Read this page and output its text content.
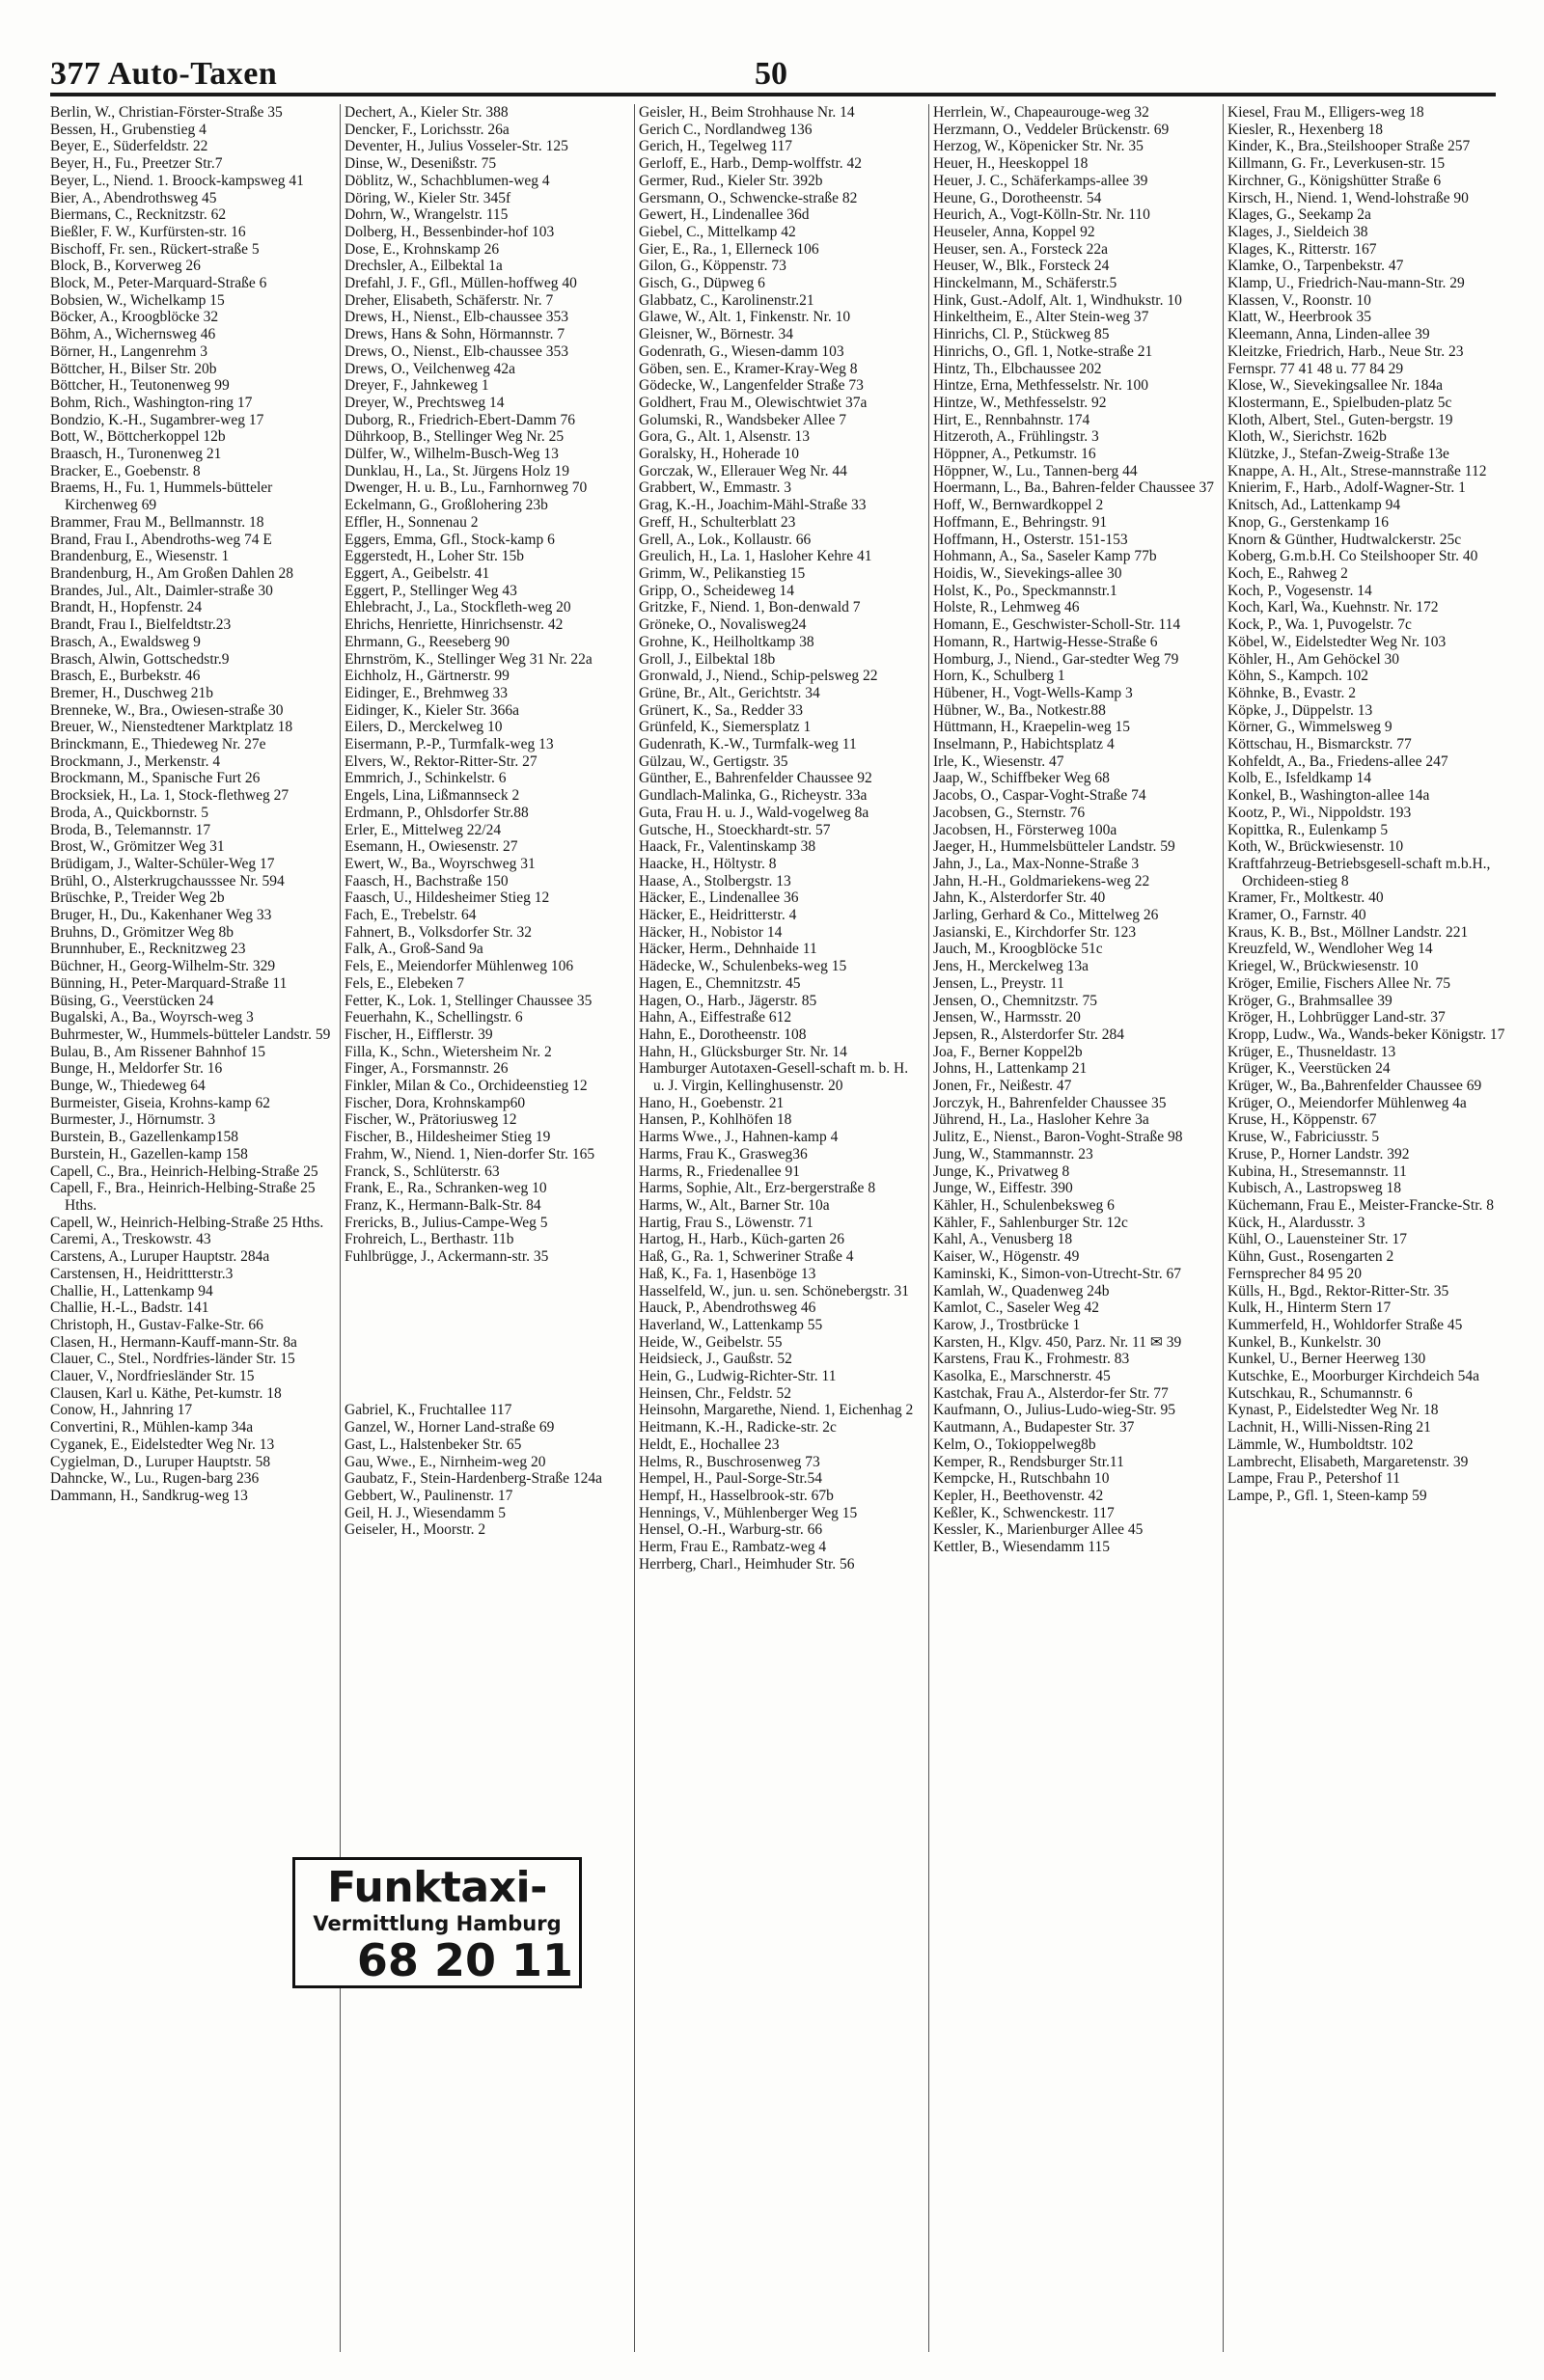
377 Auto-Taxen	50
Berlin, W., Christian-Förster-Straße 35
Bessen, H., Grubenstieg 4
Beyer, E., Süderfeldstr. 22
Beyer, H., Fu., Preetzer Str.7
Beyer, L., Niend. 1. Broock-kampsweg 41
Bier, A., Abendrothsweg 45
Biermans, C., Recknitzstr. 62
Bießler, F. W., Kurfürsten-str. 16
Bischoff, Fr. sen., Rückert-straße 5
Block, B., Korverweg 26
Block, M., Peter-Marquard-Straße 6
Bobsien, W., Wichelkamp 15
Böcker, A., Kroogblöcke 32
Böhm, A., Wichernsweg 46
Börner, H., Langenrehm 3
Böttcher, H., Bilser Str. 20b
Böttcher, H., Teutonenweg 99
Bohm, Rich., Washington-ring 17
Bondzio, K.-H., Sugambrer-weg 17
Bott, W., Böttcherkoppel 12b
Braasch, H., Turonenweg 21
Bracker, E., Goebenstr. 8
Braems, H., Fu. 1, Hummels-bütteler Kirchenweg 69
Brammer, Frau M., Bellmannstr. 18
Brand, Frau I., Abendroths-weg 74 E
Brandenburg, E., Wiesenstr. 1
Brandenburg, H., Am Großen Dahlen 28
Brandes, Jul., Alt., Daimler-straße 30
Brandt, H., Hopfenstr. 24
Brandt, Frau I., Bielfeldtstr.23
Brasch, A., Ewaldsweg 9
Brasch, Alwin, Gottschedstr.9
Brasch, E., Burbekstr. 46
Bremer, H., Duschweg 21b
Brenneke, W., Bra., Owiesen-straße 30
Breuer, W., Nienstedtener Marktplatz 18
Brinckmann, E., Thiedeweg Nr. 27e
Brockmann, J., Merkenstr. 4
Brockmann, M., Spanische Furt 26
Brocksiek, H., La. 1, Stock-flethweg 27
Broda, A., Quickbornstr. 5
Broda, B., Telemannstr. 17
Brost, W., Grömitzer Weg 31
Brüdigam, J., Walter-Schüler-Weg 17
Brühl, O., Alsterkrugchausssee Nr. 594
Brüschke, P., Treider Weg 2b
Bruger, H., Du., Kakenhaner Weg 33
Bruhns, D., Grömitzer Weg 8b
Brunnhuber, E., Recknitzweg 23
Büchner, H., Georg-Wilhelm-Str. 329
Bünning, H., Peter-Marquard-Straße 11
Büsing, G., Veerstücken 24
Bugalski, A., Ba., Woyrsch-weg 3
Buhrmester, W., Hummels-bütteler Landstr. 59
Bulau, B., Am Rissener Bahnhof 15
Bunge, H., Meldorfer Str. 16
Bunge, W., Thiedeweg 64
Burmeister, Giseia, Krohns-kamp 62
Burmester, J., Hörnumstr. 3
Burstein, B., Gazellenkamp158
Burstein, H., Gazellen-kamp 158
Capell, C., Bra., Heinrich-Helbing-Straße 25
Capell, F., Bra., Heinrich-Helbing-Straße 25 Hths.
Capell, W., Heinrich-Helbing-Straße 25 Hths.
Caremi, A., Treskowstr. 43
Carstens, A., Luruper Hauptstr. 284a
Carstensen, H., Heidrittterstr.3
Challie, H., Lattenkamp 94
Challie, H.-L., Badstr. 141
Christoph, H., Gustav-Falke-Str. 66
Clasen, H., Hermann-Kauff-mann-Str. 8a
Clauer, C., Stel., Nordfries-länder Str. 15
Clauer, V., Nordfriesländer Str. 15
Clausen, Karl u. Käthe, Pet-kumstr. 18
Conow, H., Jahnring 17
Convertini, R., Mühlen-kamp 34a
Cyganek, E., Eidelstedter Weg Nr. 13
Cygielman, D., Luruper Hauptstr. 58
Dahncke, W., Lu., Rugen-barg 236
Dammann, H., Sandkrug-weg 13
Dechert, A., Kieler Str. 388
Dencker, F., Lorichsstr. 26a
Deventer, H., Julius Vosseler-Str. 125
Dinse, W., Desenißstr. 75
Döblitz, W., Schachblumen-weg 4
Döring, W., Kieler Str. 345f
Dohrn, W., Wrangelstr. 115
Dolberg, H., Bessenbinder-hof 103
Dose, E., Krohnskamp 26
Drechsler, A., Eilbektal 1a
Drefahl, J. F., Gfl., Müllen-hoffweg 40
Dreher, Elisabeth, Schäferstr. Nr. 7
Drews, H., Nienst., Elb-chaussee 353
Drews, Hans & Sohn, Hörmannstr. 7
Drews, O., Nienst., Elb-chaussee 353
Drews, O., Veilchenweg 42a
Dreyer, F., Jahnkeweg 1
Dreyer, W., Prechtsweg 14
Duborg, R., Friedrich-Ebert-Damm 76
Dührkoop, B., Stellinger Weg Nr. 25
Dülfer, W., Wilhelm-Busch-Weg 13
Dunklau, H., La., St. Jürgens Holz 19
Dwenger, H. u. B., Lu., Farnhornweg 70
Eckelmann, G., Großlohering 23b
Effler, H., Sonnenau 2
Eggers, Emma, Gfl., Stock-kamp 6
Eggerstedt, H., Loher Str. 15b
Eggert, A., Geibelstr. 41
Eggert, P., Stellinger Weg 43
Ehlebracht, J., La., Stockfleth-weg 20
Ehrichs, Henriette, Hinrichsenstr. 42
Ehrmann, G., Reeseberg 90
Ehrnström, K., Stellinger Weg 31 Nr. 22a
Eichholz, H., Gärtnerstr. 99
Eidinger, E., Brehmweg 33
Eidinger, K., Kieler Str. 366a
Eilers, D., Merckelweg 10
Eisermann, P.-P., Turmfalk-weg 13
Elvers, W., Rektor-Ritter-Str. 27
Emmrich, J., Schinkelstr. 6
Engels, Lina, Lißmannseck 2
Erdmann, P., Ohlsdorfer Str.88
Erler, E., Mittelweg 22/24
Esemann, H., Owiesenstr. 27
Ewert, W., Ba., Woyrschweg 31
Faasch, H., Bachstraße 150
Faasch, U., Hildesheimer Stieg 12
Fach, E., Trebelstr. 64
Fahnert, B., Volksdorfer Str. 32
Falk, A., Groß-Sand 9a
Fels, E., Meiendorfer Mühlenweg 106
Fels, E., Elebeken 7
Fetter, K., Lok. 1, Stellinger Chaussee 35
Feuerhahn, K., Schellingstr. 6
Fischer, H., Eifflerstr. 39
Filla, K., Schn., Wietersheim Nr. 2
Finger, A., Forsmannstr. 26
Finkler, Milan & Co., Orchideenstieg 12
Fischer, Dora, Krohnskamp60
Fischer, W., Prätoriusweg 12
Fischer, B., Hildesheimer Stieg 19
Frahm, W., Niend. 1, Nien-dorfer Str. 165
Franck, S., Schlüterstr. 63
Frank, E., Ra., Schranken-weg 10
Franz, K., Hermann-Balk-Str. 84
Frericks, B., Julius-Campe-Weg 5
Frohreich, L., Berthastr. 11b
Fuhlbrügge, J., Ackermann-str. 35

Gabriel, K., Fruchtallee 117
Ganzel, W., Horner Land-straße 69
Gast, L., Halstenbeker Str. 65
Gau, Wwe., E., Nirnheim-weg 20
Gaubatz, F., Stein-Hardenberg-Straße 124a
Gebbert, W., Paulinenstr. 17
Geil, H. J., Wiesendamm 5
Geiseler, H., Moorstr. 2
Geisler, H., Beim Strohhause Nr. 14
Gerich C., Nordlandweg 136
Gerich, H., Tegelweg 117
Gerloff, E., Harb., Demp-wolffstr. 42
Germer, Rud., Kieler Str. 392b
Gersmann, O., Schwencke-straße 82
Gewert, H., Lindenallee 36d
Giebel, C., Mittelkamp 42
Gier, E., Ra., 1, Ellerneck 106
Gilon, G., Köppenstr. 73
Gisch, G., Düpweg 6
Glabbatz, C., Karolinenstr.21
Glawe, W., Alt. 1, Finkenstr. Nr. 10
Gleisner, W., Börnestr. 34
Godenrath, G., Wiesen-damm 103
Göben, sen. E., Kramer-Kray-Weg 8
Gödecke, W., Langenfelder Straße 73
Goldhert, Frau M., Olewischtwiet 37a
Golumski, R., Wandsbeker Allee 7
Gora, G., Alt. 1, Alsenstr. 13
Goralsky, H., Hoherade 10
Gorczak, W., Ellerauer Weg Nr. 44
Grabbert, W., Emmastr. 3
Grag, K.-H., Joachim-Mähl-Straße 33
Greff, H., Schulterblatt 23
Grell, A., Lok., Kollaustr. 66
Greulich, H., La. 1, Hasloher Kehre 41
Grimm, W., Pelikanstieg 15
Gripp, O., Scheideweg 14
Gritzke, F., Niend. 1, Bon-denwald 7
Gröneke, O., Novalisweg24
Grohne, K., Heilholtkamp 38
Groll, J., Eilbektal 18b
Gronwald, J., Niend., Schip-pelsweg 22
Grüne, Br., Alt., Gerichtstr. 34
Grünert, K., Sa., Redder 33
Grünfeld, K., Siemersplatz 1
Gudenrath, K.-W., Turmfalk-weg 11
Gülzau, W., Gertigstr. 35
Günther, E., Bahrenfelder Chaussee 92
Gundlach-Malinka, G., Richeystr. 33a
Guta, Frau H. u. J., Wald-vogelweg 8a
Gutsche, H., Stoeckhardt-str. 57
Haack, Fr., Valentinskamp 38
Haacke, H., Höltystr. 8
Haase, A., Stolbergstr. 13
Häcker, E., Lindenallee 36
Häcker, E., Heidritterstr. 4
Häcker, H., Nobistor 14
Häcker, Herm., Dehnhaide 11
Hädecke, W., Schulenbeks-weg 15
Hagen, E., Chemnitzstr. 45
Hagen, O., Harb., Jägerstr. 85
Hahn, A., Eiffestraße 612
Hahn, E., Dorotheenstr. 108
Hahn, H., Glücksburger Str. Nr. 14
Hamburger Autotaxen-Gesell-schaft m. b. H. u. J. Virgin, Kellinghusenstr. 20
Hano, H., Goebenstr. 21
Hansen, P., Kohlhöfen 18
Harms Wwe., J., Hahnen-kamp 4
Harms, Frau K., Grasweg36
Harms, R., Friedenallee 91
Harms, Sophie, Alt., Erz-bergerstraße 8
Harms, W., Alt., Barner Str. 10a
Hartig, Frau S., Löwenstr. 71
Hartog, H., Harb., Küch-garten 26
Haß, G., Ra. 1, Schweriner Straße 4
Haß, K., Fa. 1, Hasenböge 13
Hasselfeld, W., jun. u. sen. Schönebergstr. 31
Hauck, P., Abendrothsweg 46
Haverland, W., Lattenkamp 55
Heide, W., Geibelstr. 55
Heidsieck, J., Gaußstr. 52
Hein, G., Ludwig-Richter-Str. 11
Heinsen, Chr., Feldstr. 52
Heinsohn, Margarethe, Niend. 1, Eichenhag 2
Heitmann, K.-H., Radicke-str. 2c
Heldt, E., Hochallee 23
Helms, R., Buschrosenweg 73
Hempel, H., Paul-Sorge-Str.54
Hempf, H., Hasselbrook-str. 67b
Hennings, V., Mühlenberger Weg 15
Hensel, O.-H., Warburg-str. 66
Herm, Frau E., Rambatz-weg 4
Herrberg, Charl., Heimhuder Str. 56
Herrlein, W., Chapeaurouge-weg 32
Herzmann, O., Veddeler Brückenstr. 69
Herzog, W., Köpenicker Str. Nr. 35
Heuer, H., Heeskoppel 18
Heuer, J. C., Schäferkamps-allee 39
Heune, G., Dorotheenstr. 54
Heurich, A., Vogt-Kölln-Str. Nr. 110
Heuseler, Anna, Koppel 92
Heuser, sen. A., Forsteck 22a
Heuser, W., Blk., Forsteck 24
Hinckelmann, M., Schäferstr.5
Hink, Gust.-Adolf, Alt. 1, Windhukstr. 10
Hinkeltheim, E., Alter Stein-weg 37
Hinrichs, Cl. P., Stückweg 85
Hinrichs, O., Gfl. 1, Notke-straße 21
Hintz, Th., Elbchaussee 202
Hintze, Erna, Methfesselstr. Nr. 100
Hintze, W., Methfesselstr. 92
Hirt, E., Rennbahnstr. 174
Hitzeroth, A., Frühlingstr. 3
Höppner, A., Petkumstr. 16
Höppner, W., Lu., Tannen-berg 44
Hoermann, L., Ba., Bahren-felder Chaussee 37
Hoff, W., Bernwardkoppel 2
Hoffmann, E., Behringstr. 91
Hoffmann, H., Osterstr. 151-153
Hohmann, A., Sa., Saseler Kamp 77b
Hoidis, W., Sievekings-allee 30
Holst, K., Po., Speckmannstr.1
Holste, R., Lehmweg 46
Homann, E., Geschwister-Scholl-Str. 114
Homann, R., Hartwig-Hesse-Straße 6
Homburg, J., Niend., Gar-stedter Weg 79
Horn, K., Schulberg 1
Hübener, H., Vogt-Wells-Kamp 3
Hübner, W., Ba., Notkestr.88
Hüttmann, H., Kraepelin-weg 15
Inselmann, P., Habichtsplatz 4
Irle, K., Wiesenstr. 47
Jaap, W., Schiffbeker Weg 68
Jacobs, O., Caspar-Voght-Straße 74
Jacobsen, G., Sternstr. 76
Jacobsen, H., Försterweg 100a
Jaeger, H., Hummelsbütteler Landstr. 59
Jahn, J., La., Max-Nonne-Straße 3
Jahn, H.-H., Goldmariekens-weg 22
Jahn, K., Alsterdorfer Str. 40
Jarling, Gerhard & Co., Mittelweg 26
Jasianski, E., Kirchdorfer Str. 123
Jauch, M., Kroogblöcke 51c
Jens, H., Merckelweg 13a
Jensen, L., Preystr. 11
Jensen, O., Chemnitzstr. 75
Jensen, W., Harmsstr. 20
Jepsen, R., Alsterdorfer Str. 284
Joa, F., Berner Koppel2b
Johns, H., Lattenkamp 21
Jonen, Fr., Neißestr. 47
Jorczyk, H., Bahrenfelder Chaussee 35
Jührend, H., La., Hasloher Kehre 3a
Julitz, E., Nienst., Baron-Voght-Straße 98
Jung, W., Stammannstr. 23
Junge, K., Privatweg 8
Junge, W., Eiffestr. 390
Kähler, H., Schulenbeksweg 6
Kähler, F., Sahlenburger Str. 12c
Kahl, A., Venusberg 18
Kaiser, W., Högenstr. 49
Kaminski, K., Simon-von-Utrecht-Str. 67
Kamlah, W., Quadenweg 24b
Kamlot, C., Saseler Weg 42
Karow, J., Trostbrücke 1
Karsten, H., Klgv. 450, Parz. Nr. 11 ✉ 39
Karstens, Frau K., Frohmestr. 83
Kasolka, E., Marschnerstr. 45
Kastchak, Frau A., Alsterdor-fer Str. 77
Kaufmann, O., Julius-Ludo-wieg-Str. 95
Kautmann, A., Budapester Str. 37
Kelm, O., Tokioppelweg8b
Kemper, R., Rendsburger Str.11
Kempcke, H., Rutschbahn 10
Kepler, H., Beethovenstr. 42
Keßler, K., Schwenckestr. 117
Kessler, K., Marienburger Allee 45
Kettler, B., Wiesendamm 115
Kiesel, Frau M., Elligers-weg 18
Kiesler, R., Hexenberg 18
Kinder, K., Bra.,Steilshooper Straße 257
Killmann, G. Fr., Leverkusen-str. 15
Kirchner, G., Königshütter Straße 6
Kirsch, H., Niend. 1, Wend-lohstraße 90
Klages, G., Seekamp 2a
Klages, J., Sieldeich 38
Klages, K., Ritterstr. 167
Klamke, O., Tarpenbekstr. 47
Klamp, U., Friedrich-Nau-mann-Str. 29
Klassen, V., Roonstr. 10
Klatt, W., Heerbrook 35
Kleemann, Anna, Linden-allee 39
Kleitzke, Friedrich, Harb., Neue Str. 23
Fernspr. 77 41 48 u. 77 84 29
Klose, W., Sievekingsallee Nr. 184a
Klostermann, E., Spielbuden-platz 5c
Kloth, Albert, Stel., Guten-bergstr. 19
Kloth, W., Sierichstr. 162b
Klützke, J., Stefan-Zweig-Straße 13e
Knappe, A. H., Alt., Strese-mannstraße 112
Knierim, F., Harb., Adolf-Wagner-Str. 1
Knitsch, Ad., Lattenkamp 94
Knop, G., Gerstenkamp 16
Knorn & Günther, Hudtwalckerstr. 25c
Koberg, G.m.b.H. Co Steilshooper Str. 40
Koch, E., Rahweg 2
Koch, P., Vogesenstr. 14
Koch, Karl, Wa., Kuehnstr. Nr. 172
Kock, P., Wa. 1, Puvogelstr. 7c
Köbel, W., Eidelstedter Weg Nr. 103
Köhler, H., Am Gehöckel 30
Köhn, S., Kampch. 102
Köhnke, B., Evastr. 2
Köpke, J., Düppelstr. 13
Körner, G., Wimmelsweg 9
Köttschau, H., Bismarckstr. 77
Kohfeldt, A., Ba., Friedens-allee 247
Kolb, E., Isfeldkamp 14
Konkel, B., Washington-allee 14a
Kootz, P., Wi., Nippoldstr. 193
Kopittka, R., Eulenkamp 5
Koth, W., Brückwiesenstr. 10
Kraftfahrzeug-Betriebsgesell-schaft m.b.H., Orchideen-stieg 8
Kramer, Fr., Moltkestr. 40
Kramer, O., Farnstr. 40
Kraus, K. B., Bst., Möllner Landstr. 221
Kreuzfeld, W., Wendloher Weg 14
Kriegel, W., Brückwiesenstr. 10
Kröger, Emilie, Fischers Allee Nr. 75
Kröger, G., Brahmsallee 39
Kröger, H., Lohbrügger Land-str. 37
Kropp, Ludw., Wa., Wands-beker Königstr. 17
Krüger, E., Thusneldastr. 13
Krüger, K., Veerstücken 24
Krüger, W., Ba.,Bahrenfelder Chaussee 69
Krüger, O., Meiendorfer Mühlenweg 4a
Kruse, H., Köppenstr. 67
Kruse, W., Fabriciusstr. 5
Kruse, P., Horner Landstr. 392
Kubina, H., Stresemannstr. 11
Kubisch, A., Lastropsweg 18
Küchemann, Frau E., Meister-Francke-Str. 8
Kück, H., Alardusstr. 3
Kühl, O., Lauensteiner Str. 17
Kühn, Gust., Rosengarten 2
Fernsprecher 84 95 20
Külls, H., Bgd., Rektor-Ritter-Str. 35
Kulk, H., Hinterm Stern 17
Kummerfeld, H., Wohldorfer Straße 45
Kunkel, B., Kunkelstr. 30
Kunkel, U., Berner Heerweg 130
Kutschke, E., Moorburger Kirchdeich 54a
Kutschkau, R., Schumannstr. 6
Kynast, P., Eidelstedter Weg Nr. 18
Lachnit, H., Willi-Nissen-Ring 21
Lämmle, W., Humboldtstr. 102
Lambrecht, Elisabeth, Margaretenstr. 39
Lampe, Frau P., Petershof 11
Lampe, P., Gfl. 1, Steen-kamp 59
Funktaxi-
Vermittlung Hamburg
68 20 11
